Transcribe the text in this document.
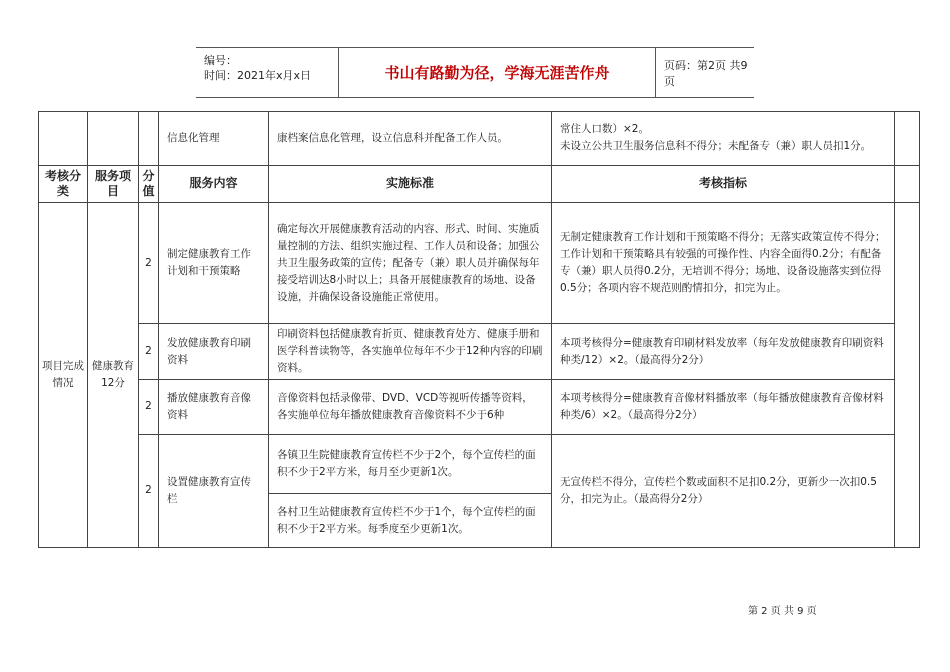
编号：
时间：2021年x月x日	书山有路勤为径，学海无涯苦作舟	页码：第2页 共9页
			信息化管理	康档案信息化管理，设立信息科并配备工作人员。	常住人口数）×2。
未设立公共卫生服务信息科不得分；未配备专（兼）职人员扣1分。	
考核分类	服务项目	分值	服务内容	实施标准	考核指标	
项目完成情况	健康教育12分	2	制定健康教育工作计划和干预策略	确定每次开展健康教育活动的内容、形式、时间、实施质量控制的方法、组织实施过程、工作人员和设备；加强公共卫生服务政策的宣传；配备专（兼）职人员并确保每年接受培训达8小时以上；具备开展健康教育的场地、设备设施，并确保设备设施能正常使用。	无制定健康教育工作计划和干预策略不得分；无落实政策宣传不得分；工作计划和干预策略具有较强的可操作性、内容全面得0.2分；有配备专（兼）职人员得0.2分，无培训不得分；场地、设备设施落实到位得0.5分；各项内容不规范则酌情扣分，扣完为止。	
		2	发放健康教育印刷资料	印刷资料包括健康教育折页、健康教育处方、健康手册和医学科普读物等，各实施单位每年不少于12种内容的印刷资料。	本项考核得分=健康教育印刷材料发放率（每年发放健康教育印刷资料种类/12）×2。（最高得分2分）	
		2	播放健康教育音像资料	音像资料包括录像带、DVD、VCD等视听传播等资料，各实施单位每年播放健康教育音像资料不少于6种	本项考核得分=健康教育音像材料播放率（每年播放健康教育音像材料种类/6）×2。（最高得分2分）	
		2	设置健康教育宣传栏	各镇卫生院健康教育宣传栏不少于2个，每个宣传栏的面积不少于2平方米，每月至少更新1次。	无宣传栏不得分，宣传栏个数或面积不足扣0.2分，更新少一次扣0.5分，扣完为止。（最高得分2分）	
				各村卫生站健康教育宣传栏不少于1个，每个宣传栏的面积不少于2平方米。每季度至少更新1次。		
第 2 页 共 9 页
